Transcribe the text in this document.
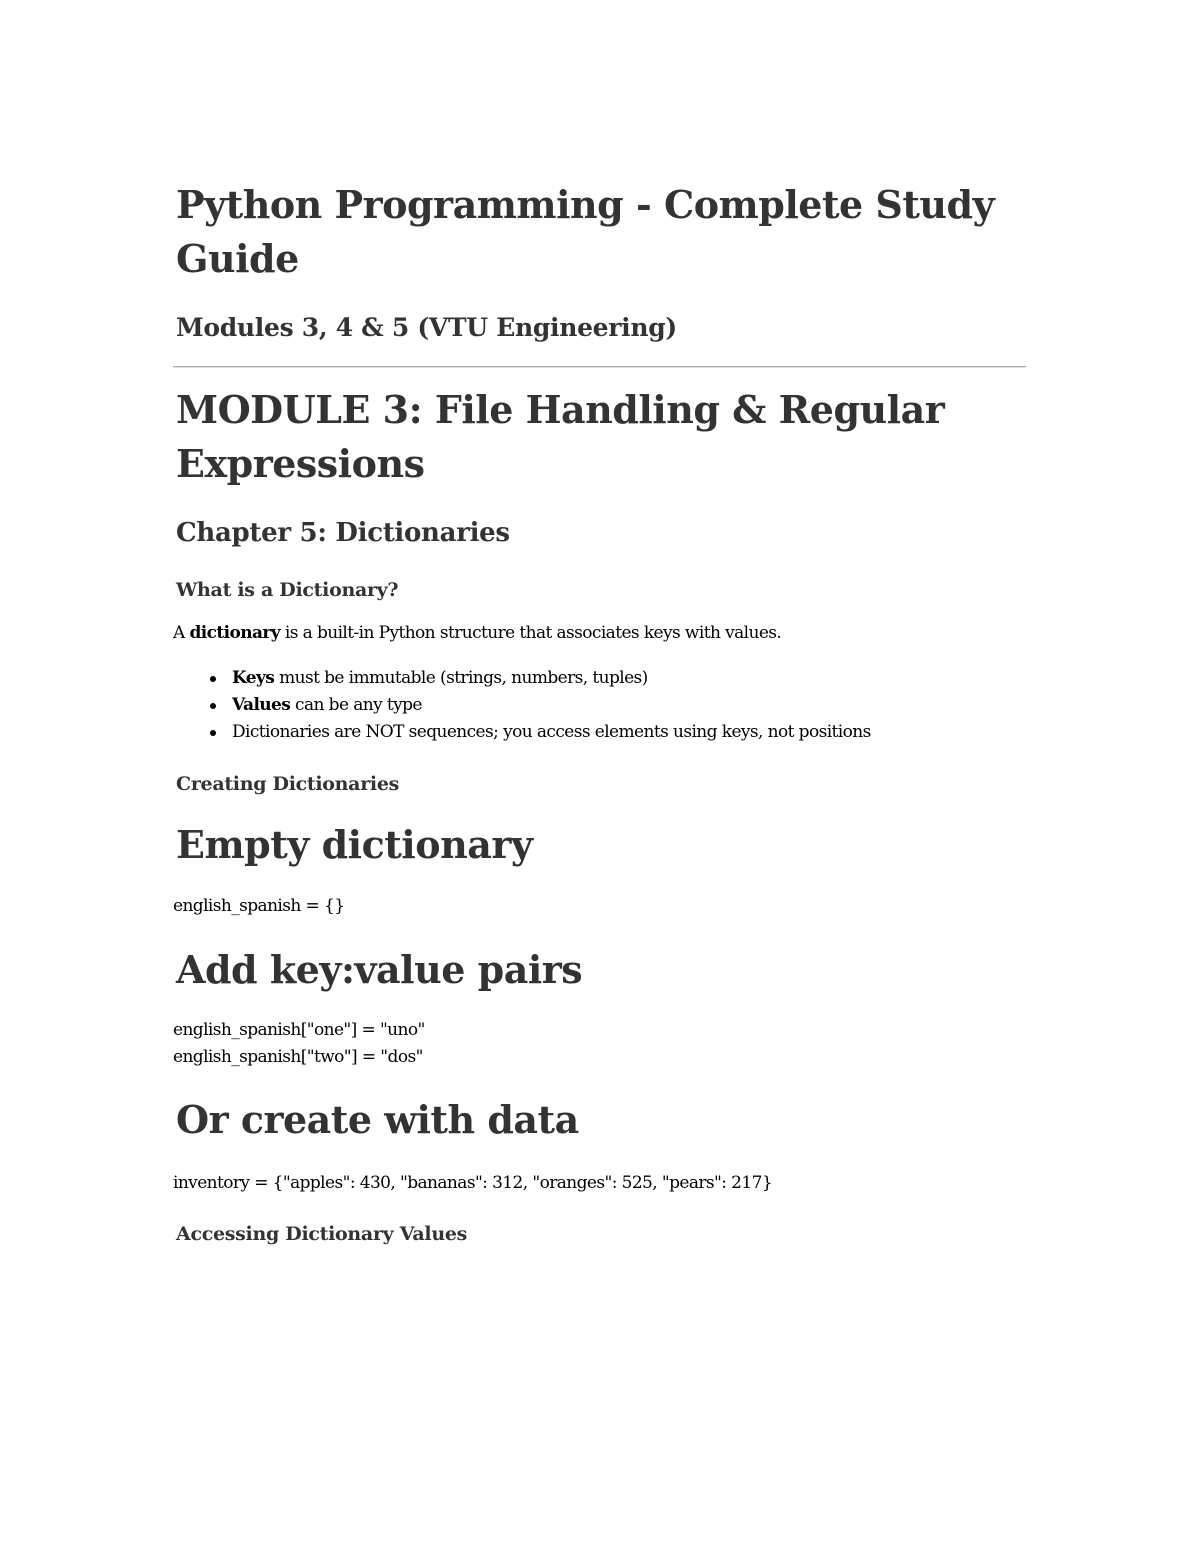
Python Programming - Complete Study Guide
Modules 3, 4 & 5 (VTU Engineering)
MODULE 3: File Handling & Regular Expressions
Chapter 5: Dictionaries
What is a Dictionary?

A dictionary is a built-in Python structure that associates keys with values.

Keys must be immutable (strings, numbers, tuples)
Values can be any type
Dictionaries are NOT sequences; you access elements using keys, not positions
Creating Dictionaries
Empty dictionary

english_spanish = {}

Add key:value pairs

english_spanish["one"] = "uno"

english_spanish["two"] = "dos"

Or create with data

inventory = {"apples": 430, "bananas": 312, "oranges": 525, "pears": 217}

Accessing Dictionary Values
